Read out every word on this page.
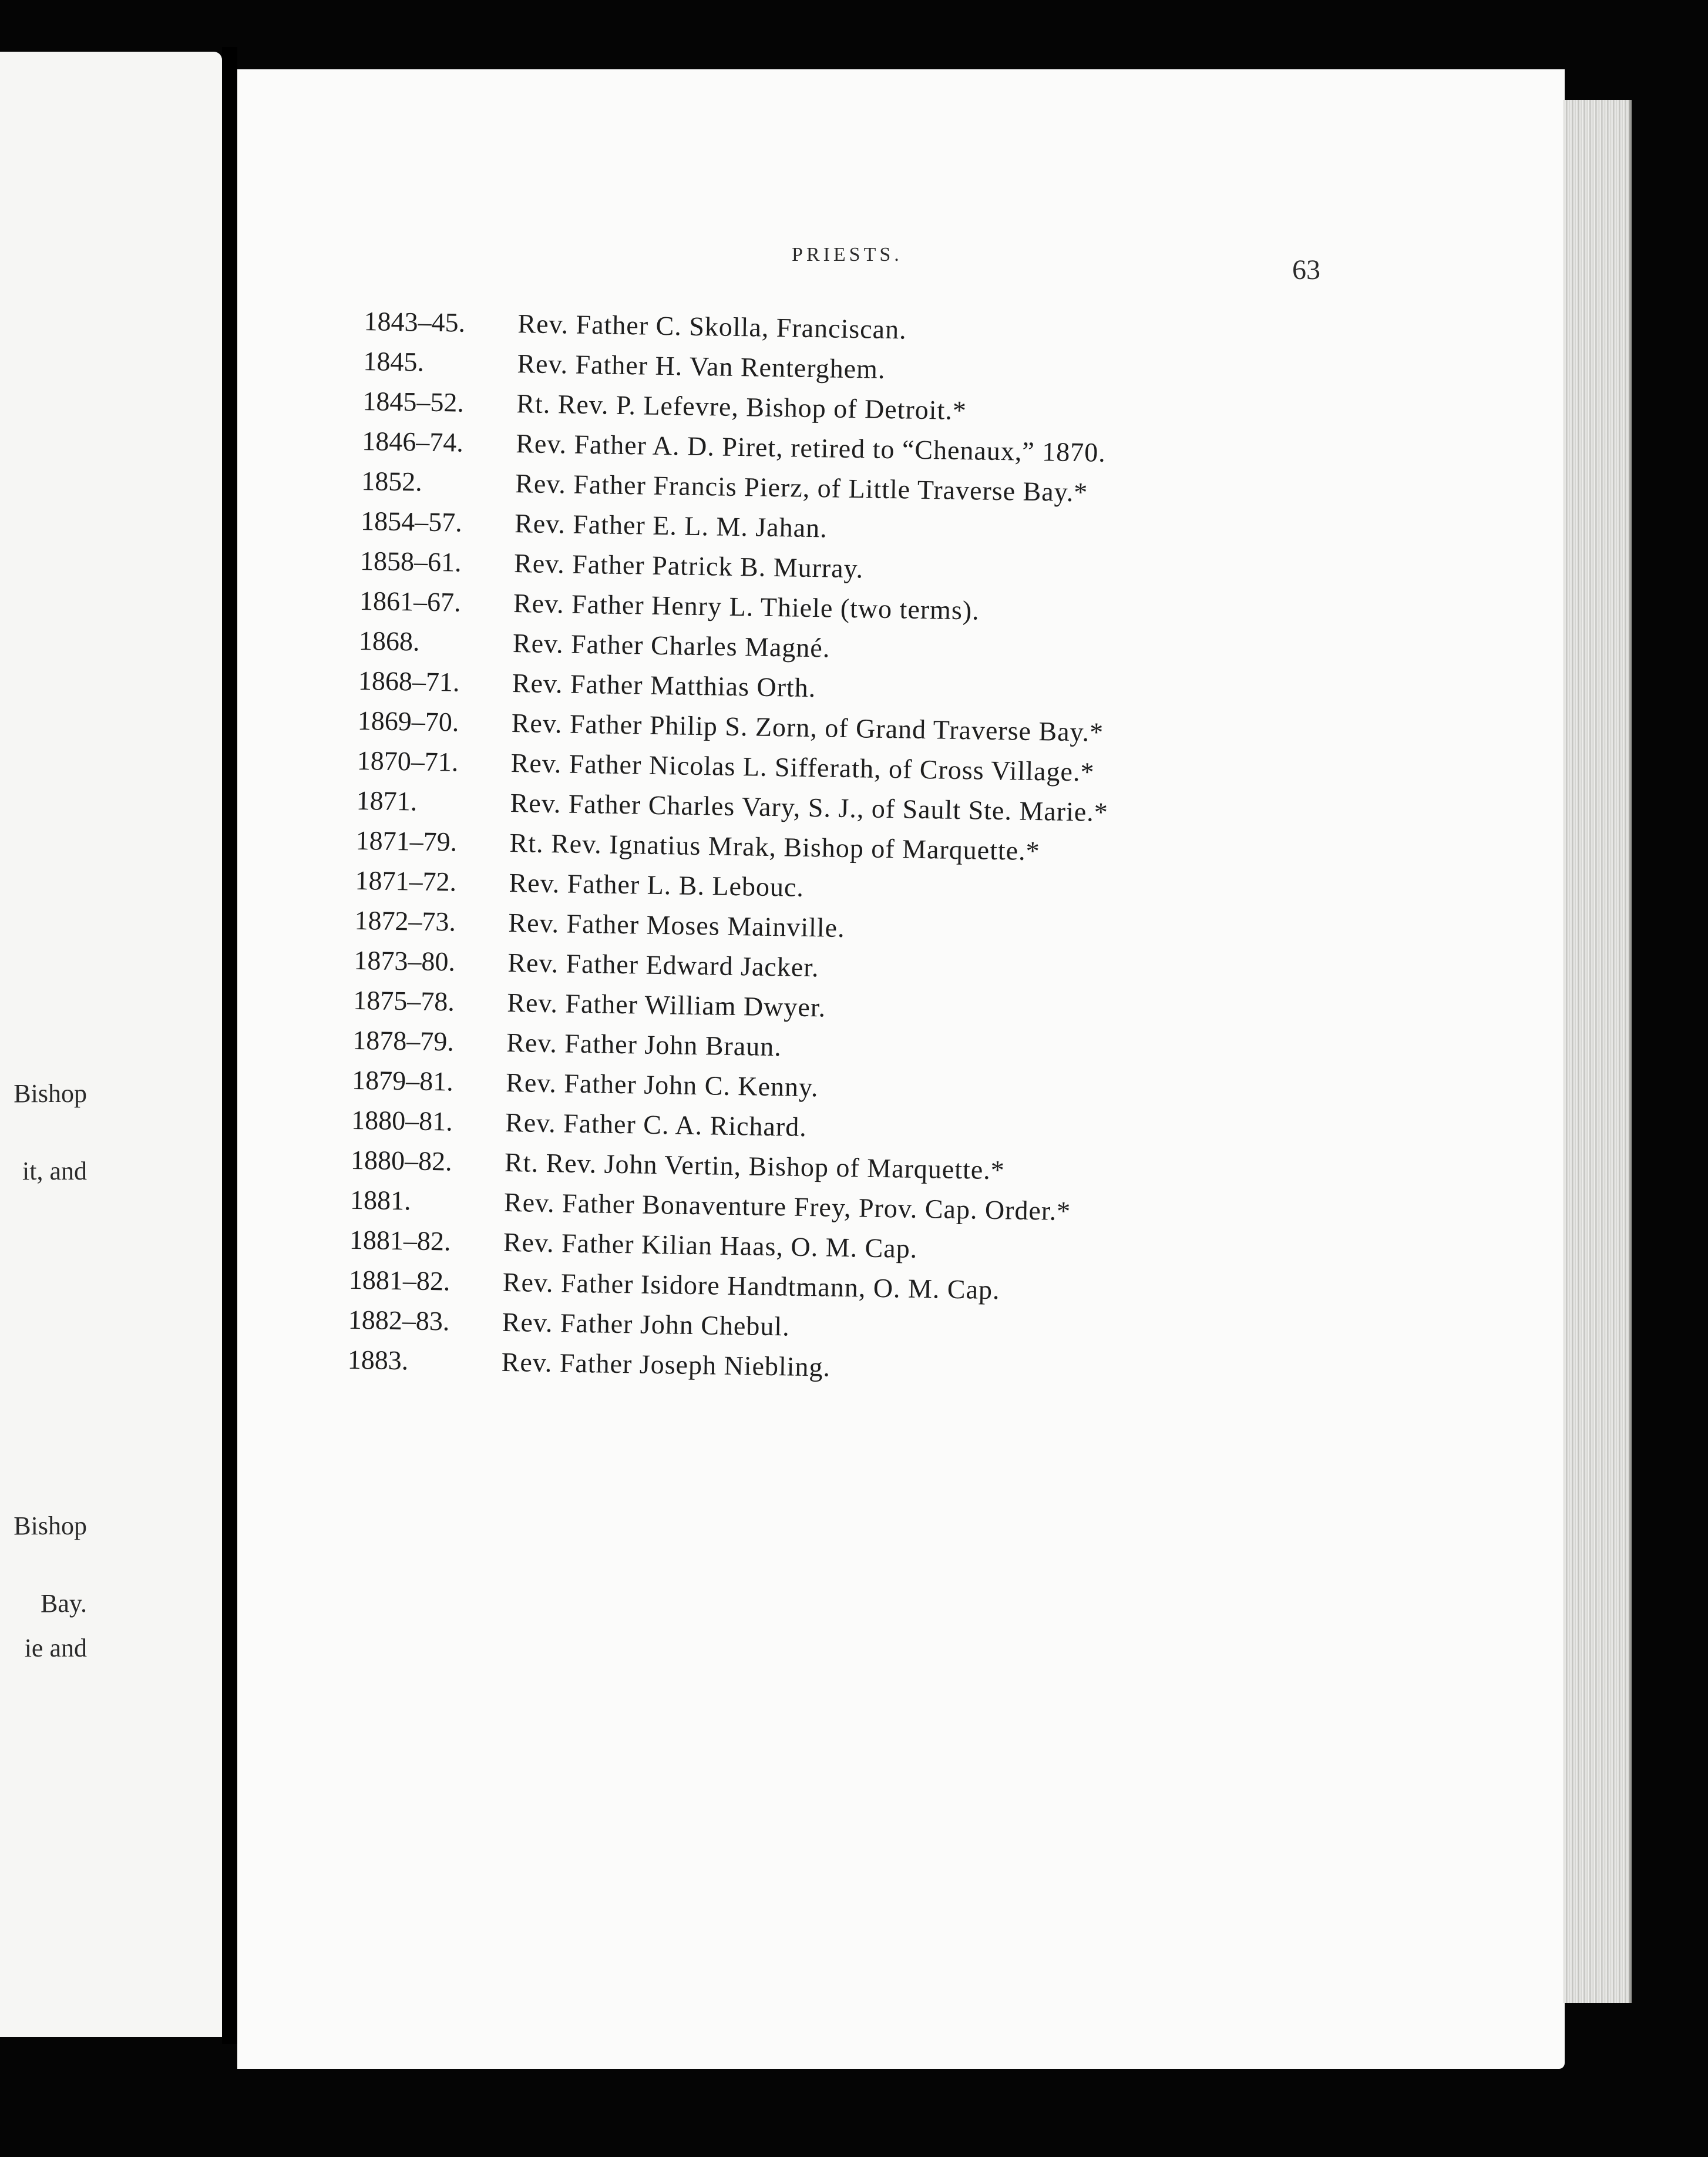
Bishop
it, and
Bishop
Bay.
ie and
PRIESTS.	63
1843–45.	Rev. Father C. Skolla, Franciscan.
1845.	Rev. Father H. Van Renterghem.
1845–52.	Rt. Rev. P. Lefevre, Bishop of Detroit.*
1846–74.	Rev. Father A. D. Piret, retired to “Chenaux,” 1870.
1852.	Rev. Father Francis Pierz, of Little Traverse Bay.*
1854–57.	Rev. Father E. L. M. Jahan.
1858–61.	Rev. Father Patrick B. Murray.
1861–67.	Rev. Father Henry L. Thiele (two terms).
1868.	Rev. Father Charles Magné.
1868–71.	Rev. Father Matthias Orth.
1869–70.	Rev. Father Philip S. Zorn, of Grand Traverse Bay.*
1870–71.	Rev. Father Nicolas L. Sifferath, of Cross Village.*
1871.	Rev. Father Charles Vary, S. J., of Sault Ste. Marie.*
1871–79.	Rt. Rev. Ignatius Mrak, Bishop of Marquette.*
1871–72.	Rev. Father L. B. Lebouc.
1872–73.	Rev. Father Moses Mainville.
1873–80.	Rev. Father Edward Jacker.
1875–78.	Rev. Father William Dwyer.
1878–79.	Rev. Father John Braun.
1879–81.	Rev. Father John C. Kenny.
1880–81.	Rev. Father C. A. Richard.
1880–82.	Rt. Rev. John Vertin, Bishop of Marquette.*
1881.	Rev. Father Bonaventure Frey, Prov. Cap. Order.*
1881–82.	Rev. Father Kilian Haas, O. M. Cap.
1881–82.	Rev. Father Isidore Handtmann, O. M. Cap.
1882–83.	Rev. Father John Chebul.
1883.	Rev. Father Joseph Niebling.
